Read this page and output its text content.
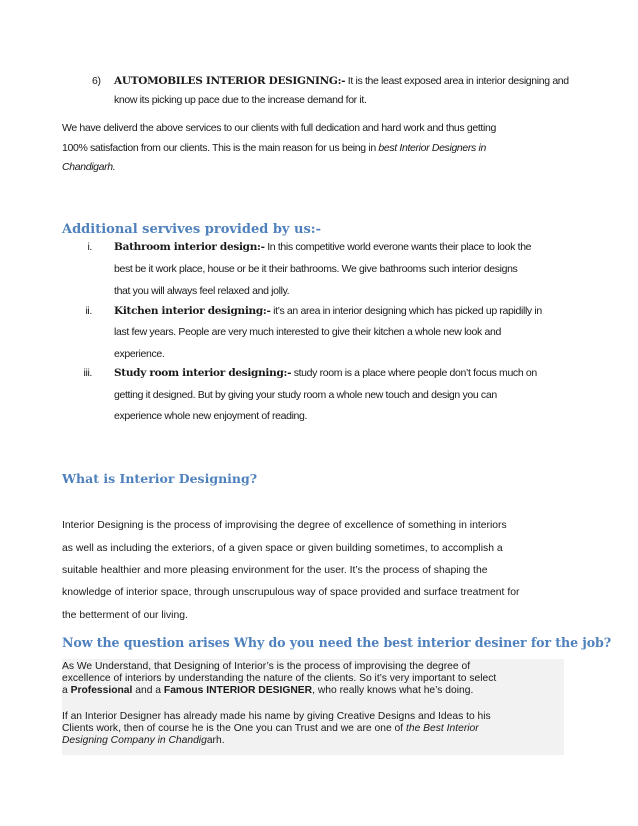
6) AUTOMOBILES INTERIOR DESIGNING:- It is the least exposed area in interior designing and
know its picking up pace due to the increase demand for it.
We have deliverd the above services to our clients with full dedication and hard work and thus getting
100% satisfaction from our clients. This is the main reason for us being in best Interior Designers in
Chandigarh.
Additional servives provided by us:-
i. Bathroom interior design:- In this competitive world everone wants their place to look the
best be it work place, house or be it their bathrooms. We give bathrooms such interior designs
that you will always feel relaxed and jolly.
ii. Kitchen interior designing:- it’s an area in interior designing which has picked up rapidilly in
last few years. People are very much interested to give their kitchen a whole new look and
experience.
iii. Study room interior designing:- study room is a place where people don’t focus much on
getting it designed. But by giving your study room a whole new touch and design you can
experience whole new enjoyment of reading.
What is Interior Designing?
Interior Designing is the process of improvising the degree of excellence of something in interiors
as well as including the exteriors, of a given space or given building sometimes, to accomplish a
suitable healthier and more pleasing environment for the user. It’s the process of shaping the
knowledge of interior space, through unscrupulous way of space provided and surface treatment for
the betterment of our living.
Now the question arises Why do you need the best interior desiner for the job?
As We Understand, that Designing of Interior’s is the process of improvising the degree of
excellence of interiors by understanding the nature of the clients. So it’s very important to select
a Professional and a Famous INTERIOR DESIGNER, who really knows what he’s doing.
If an Interior Designer has already made his name by giving Creative Designs and Ideas to his
Clients work, then of course he is the One you can Trust and we are one of the Best Interior
Designing Company in Chandigarh.
